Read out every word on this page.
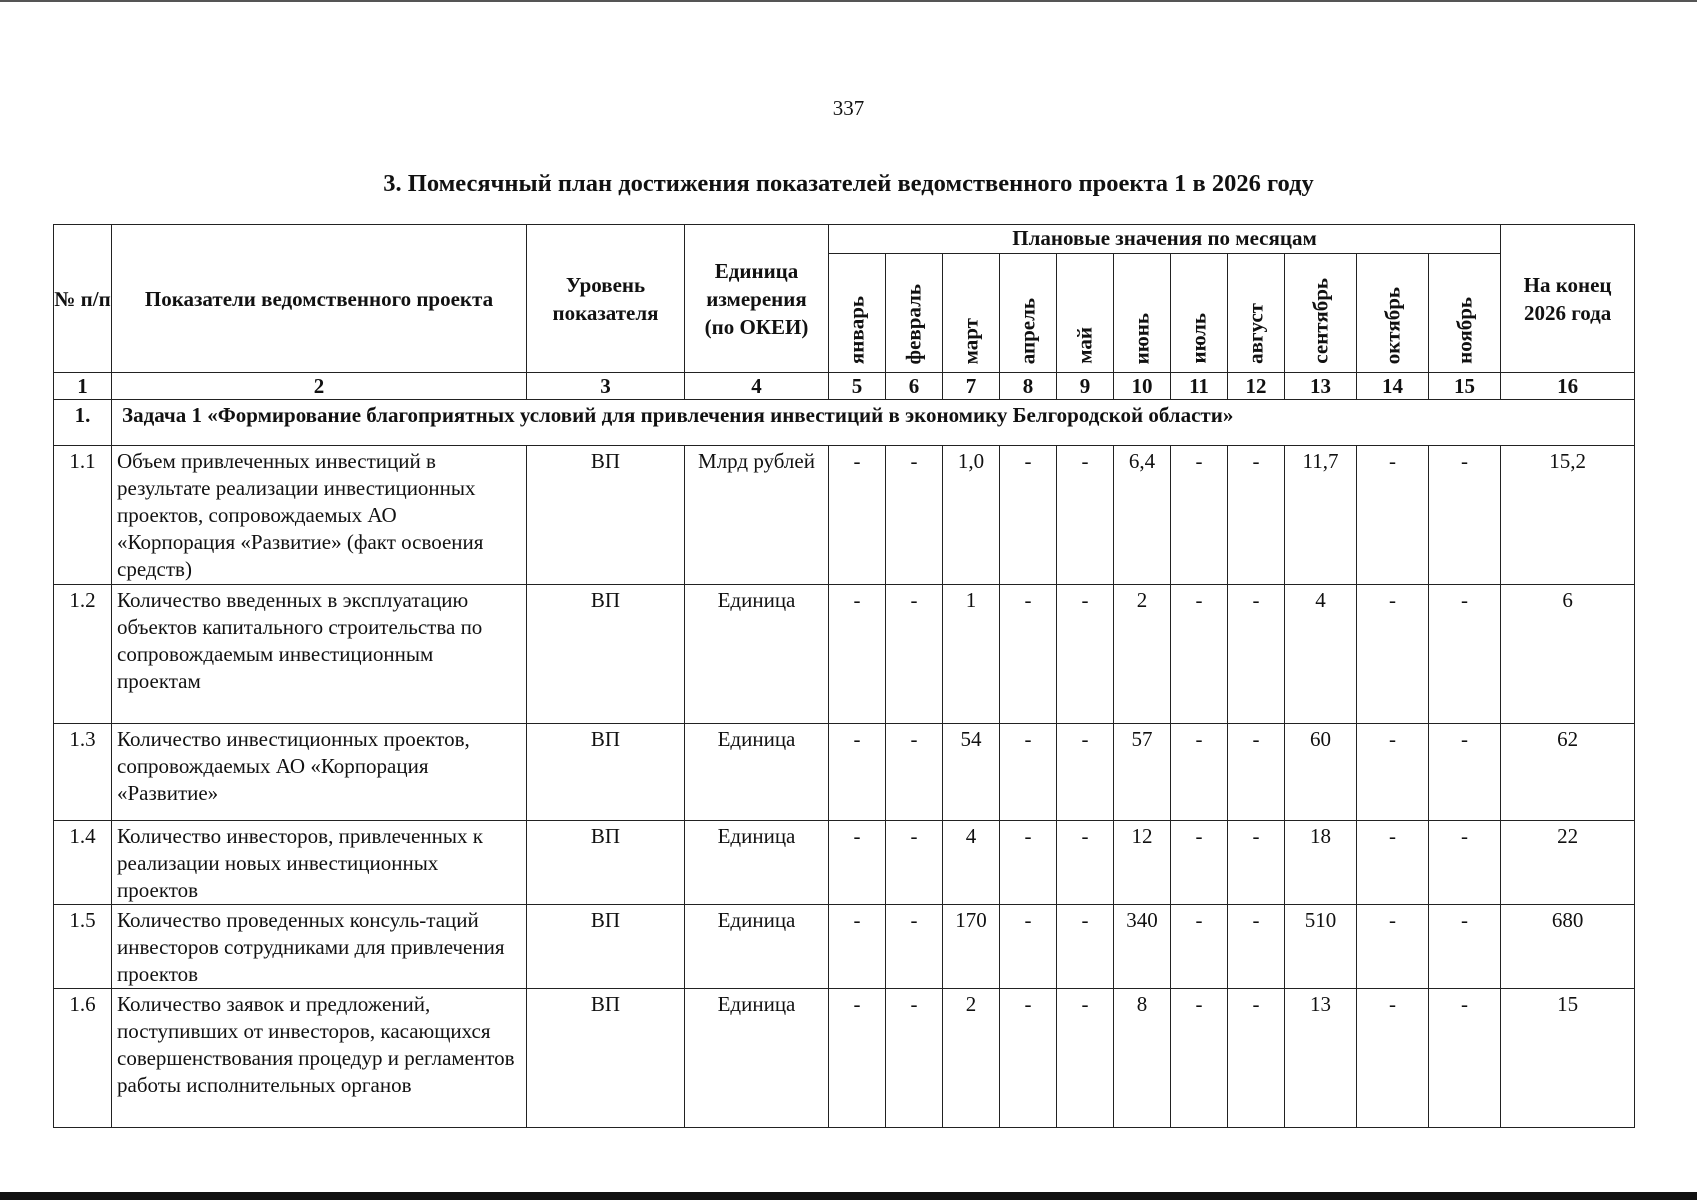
337
3. Помесячный план достижения показателей ведомственного проекта 1 в 2026 году
№ п/п	Показатели ведомственного проекта	Уровень показателя	Единица измерения (по ОКЕИ)	Плановые значения по месяцам											На конец 2026 года

				январь	февраль	март	апрель	май	июнь	июль	август	сентябрь	октябрь	ноябрь	

1	2	3	4	5	6	7	8	9	10	11	12	13	14	15	16
1.	Задача 1 «Формирование благоприятных условий для привлечения инвестиций в экономику Белгородской области»														
1.1	Объем привлеченных инвестиций в результате реализации инвестиционных проектов, сопровождаемых АО «Корпорация «Развитие» (факт освоения средств)	ВП	Млрд рублей	-	-	1,0	-	-	6,4	-	-	11,7	-	-	15,2
1.2	Количество введенных в эксплуатацию объектов капитального строительства по сопровождаемым инвестиционным проектам	ВП	Единица	-	-	1	-	-	2	-	-	4	-	-	6
1.3	Количество инвестиционных проектов, сопровождаемых АО «Корпорация «Развитие»	ВП	Единица	-	-	54	-	-	57	-	-	60	-	-	62
1.4	Количество инвесторов, привлеченных к реализации новых инвестиционных проектов	ВП	Единица	-	-	4	-	-	12	-	-	18	-	-	22
1.5	Количество проведенных консуль-таций инвесторов сотрудниками для привлечения проектов	ВП	Единица	-	-	170	-	-	340	-	-	510	-	-	680
1.6	Количество заявок и предложений, поступивших от инвесторов, касающихся совершенствования процедур и регламентов работы исполнительных органов	ВП	Единица	-	-	2	-	-	8	-	-	13	-	-	15
